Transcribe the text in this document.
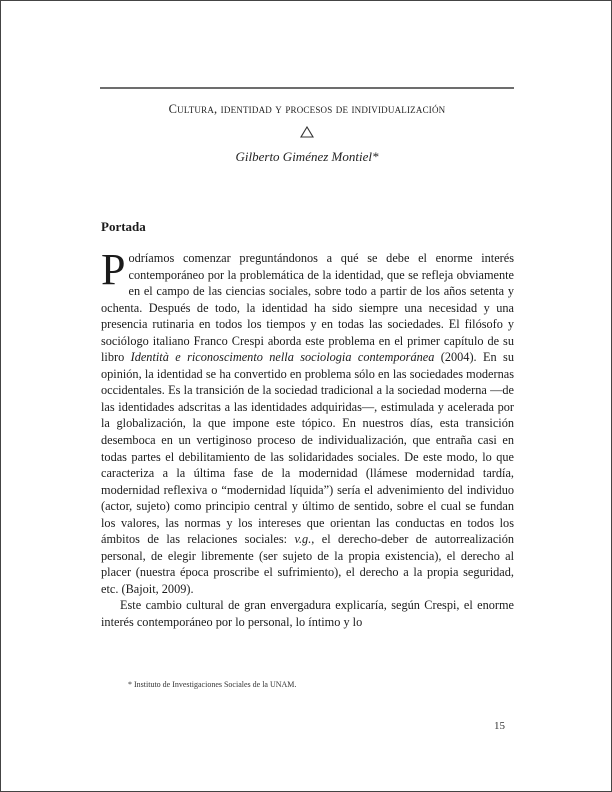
Cultura, identidad y procesos de individualización
Gilberto Giménez Montiel*
Portada

Podríamos comenzar preguntándonos a qué se debe el enorme interés contemporáneo por la problemática de la identidad, que se refleja obviamente en el campo de las ciencias sociales, sobre todo a partir de los años setenta y ochenta. Después de todo, la identidad ha sido siempre una necesidad y una presencia rutinaria en todos los tiempos y en todas las sociedades. El filósofo y sociólogo italiano Franco Crespi aborda este problema en el primer capítulo de su libro Identità e riconoscimento nella sociologia contemporánea (2004). En su opinión, la identidad se ha convertido en problema sólo en las sociedades modernas occidentales. Es la transición de la sociedad tradicional a la sociedad moderna —de las identidades adscritas a las identidades adquiridas—, estimulada y acelerada por la globalización, la que impone este tópico. En nuestros días, esta transición desemboca en un vertiginoso proceso de individualización, que entraña casi en todas partes el debilitamiento de las solidaridades sociales. De este modo, lo que caracteriza a la última fase de la modernidad (llámese modernidad tardía, modernidad reflexiva o “modernidad líquida”) sería el advenimiento del individuo (actor, sujeto) como principio central y último de sentido, sobre el cual se fundan los valores, las normas y los intereses que orientan las conductas en todos los ámbitos de las relaciones sociales: v.g., el derecho-deber de autorrealización personal, de elegir libremente (ser sujeto de la propia existencia), el derecho al placer (nuestra época proscribe el sufrimiento), el derecho a la propia seguridad, etc. (Bajoit, 2009).

Este cambio cultural de gran envergadura explicaría, según Crespi, el enorme interés contemporáneo por lo personal, lo íntimo y lo

* Instituto de Investigaciones Sociales de la UNAM.
15
